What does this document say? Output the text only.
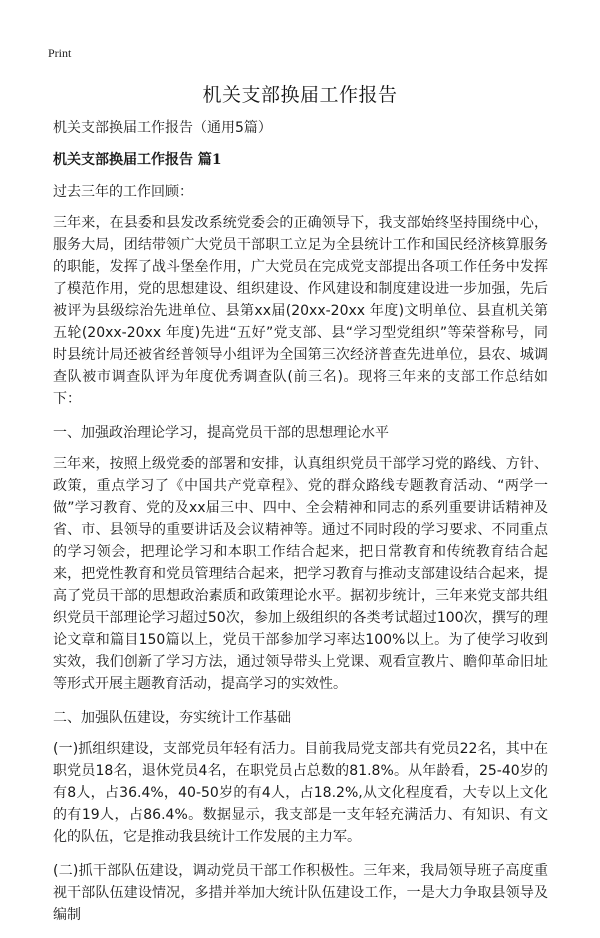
Print
机关支部换届工作报告

机关支部换届工作报告（通用5篇）

机关支部换届工作报告 篇1

过去三年的工作回顾：

三年来，在县委和县发改系统党委会的正确领导下，我支部始终坚持围绕中心，服务大局，团结带领广大党员干部职工立足为全县统计工作和国民经济核算服务的职能，发挥了战斗堡垒作用，广大党员在完成党支部提出各项工作任务中发挥了模范作用，党的思想建设、组织建设、作风建设和制度建设进一步加强，先后被评为县级综治先进单位、县第xx届(20xx-20xx 年度)文明单位、县直机关第五轮(20xx-20xx 年度)先进“五好”党支部、县“学习型党组织”等荣誉称号，同时县统计局还被省经普领导小组评为全国第三次经济普查先进单位，县农、城调查队被市调查队评为年度优秀调查队(前三名)。现将三年来的支部工作总结如下：

一、加强政治理论学习，提高党员干部的思想理论水平

三年来，按照上级党委的部署和安排，认真组织党员干部学习党的路线、方针、政策，重点学习了《中国共产党章程》、党的群众路线专题教育活动、“两学一做”学习教育、党的及xx届三中、四中、全会精神和同志的系列重要讲话精神及省、市、县领导的重要讲话及会议精神等。通过不同时段的学习要求、不同重点的学习领会，把理论学习和本职工作结合起来，把日常教育和传统教育结合起来，把党性教育和党员管理结合起来，把学习教育与推动支部建设结合起来，提高了党员干部的思想政治素质和政策理论水平。据初步统计，三年来党支部共组织党员干部理论学习超过50次，参加上级组织的各类考试超过100次，撰写的理论文章和篇目150篇以上，党员干部参加学习率达100%以上。为了使学习收到实效，我们创新了学习方法，通过领导带头上党课、观看宣教片、瞻仰革命旧址等形式开展主题教育活动，提高学习的实效性。

二、加强队伍建设，夯实统计工作基础

(一)抓组织建设，支部党员年轻有活力。目前我局党支部共有党员22名，其中在职党员18名，退休党员4名，在职党员占总数的81.8%。从年龄看，25-40岁的有8人，占36.4%，40-50岁的有4人，占18.2%,从文化程度看，大专以上文化的有19人，占86.4%。数据显示，我支部是一支年轻充满活力、有知识、有文化的队伍，它是推动我县统计工作发展的主力军。

(二)抓干部队伍建设，调动党员干部工作积极性。三年来，我局领导班子高度重视干部队伍建设情况，多措并举加大统计队伍建设工作，一是大力争取县领导及编制
